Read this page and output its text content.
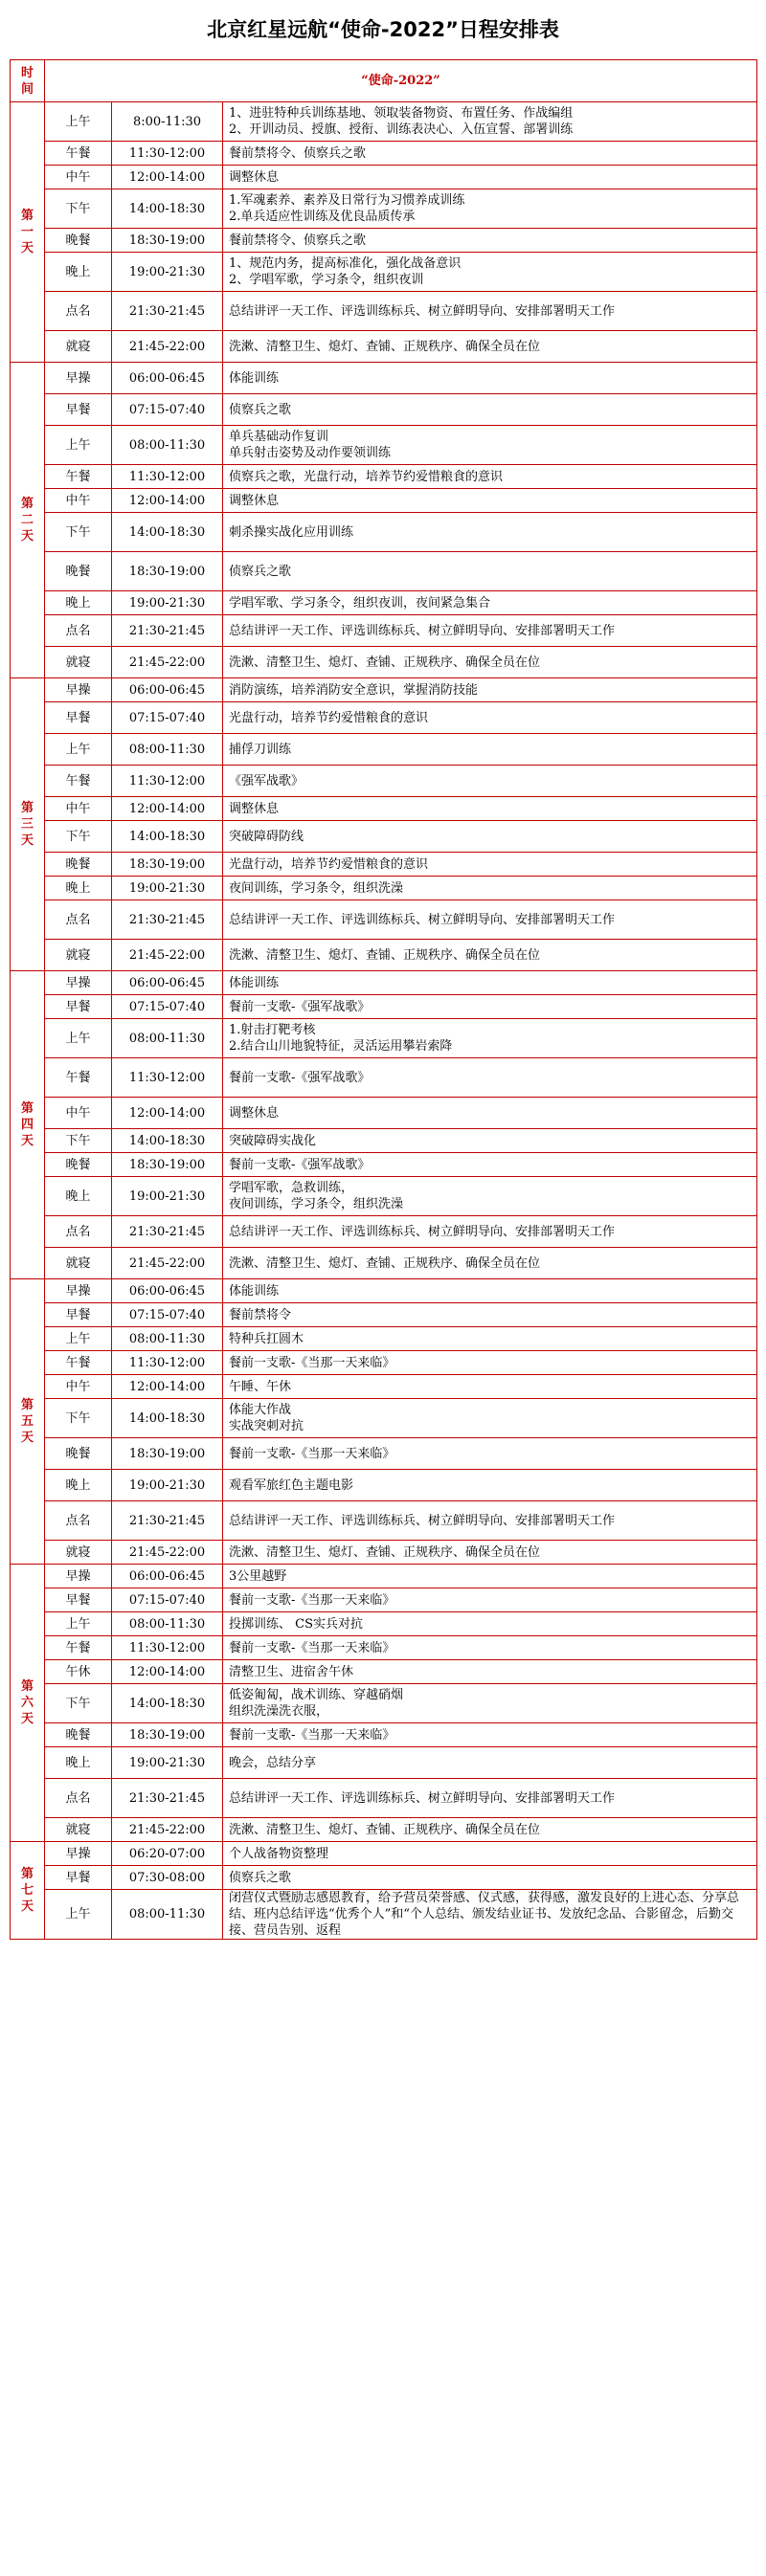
北京红星远航“使命-2022”日程安排表
时间	“使命-2022”		
第
一
天	上午	8:00-11:30	1、进驻特种兵训练基地、领取装备物资、布置任务、作战编组
2、开训动员、授旗、授衔、训练表决心、入伍宣誓、部署训练
	午餐	11:30-12:00	餐前禁将令、侦察兵之歌
	中午	12:00-14:00	调整休息
	下午	14:00-18:30	1.军魂素养、素养及日常行为习惯养成训练
2.单兵适应性训练及优良品质传承
	晚餐	18:30-19:00	餐前禁将令、侦察兵之歌
	晚上	19:00-21:30	1、规范内务，提高标准化，强化战备意识
2、学唱军歌，学习条令，组织夜训
	点名	21:30-21:45	总结讲评一天工作、评选训练标兵、树立鲜明导向、安排部署明天工作
	就寝	21:45-22:00	洗漱、清整卫生、熄灯、查铺、正规秩序、确保全员在位
第
二
天	早操	06:00-06:45	体能训练
	早餐	07:15-07:40	侦察兵之歌
	上午	08:00-11:30	单兵基础动作复训
单兵射击姿势及动作要领训练
	午餐	11:30-12:00	侦察兵之歌，光盘行动，培养节约爱惜粮食的意识
	中午	12:00-14:00	调整休息
	下午	14:00-18:30	刺杀操实战化应用训练
	晚餐	18:30-19:00	侦察兵之歌
	晚上	19:00-21:30	学唱军歌、学习条令，组织夜训，夜间紧急集合
	点名	21:30-21:45	总结讲评一天工作、评选训练标兵、树立鲜明导向、安排部署明天工作
	就寝	21:45-22:00	洗漱、清整卫生、熄灯、查铺、正规秩序、确保全员在位
第
三
天	早操	06:00-06:45	消防演练，培养消防安全意识，掌握消防技能
	早餐	07:15-07:40	光盘行动，培养节约爱惜粮食的意识
	上午	08:00-11:30	捕俘刀训练
	午餐	11:30-12:00	《强军战歌》
	中午	12:00-14:00	调整休息
	下午	14:00-18:30	突破障碍防线
	晚餐	18:30-19:00	光盘行动，培养节约爱惜粮食的意识
	晚上	19:00-21:30	夜间训练，学习条令，组织洗澡
	点名	21:30-21:45	总结讲评一天工作、评选训练标兵、树立鲜明导向、安排部署明天工作
	就寝	21:45-22:00	洗漱、清整卫生、熄灯、查铺、正规秩序、确保全员在位
第
四
天	早操	06:00-06:45	体能训练
	早餐	07:15-07:40	餐前一支歌-《强军战歌》
	上午	08:00-11:30	1.射击打靶考核
2.结合山川地貌特征，灵活运用攀岩索降
	午餐	11:30-12:00	餐前一支歌-《强军战歌》
	中午	12:00-14:00	调整休息
	下午	14:00-18:30	突破障碍实战化
	晚餐	18:30-19:00	餐前一支歌-《强军战歌》
	晚上	19:00-21:30	学唱军歌，急救训练，
夜间训练，学习条令，组织洗澡
	点名	21:30-21:45	总结讲评一天工作、评选训练标兵、树立鲜明导向、安排部署明天工作
	就寝	21:45-22:00	洗漱、清整卫生、熄灯、查铺、正规秩序、确保全员在位
第
五
天	早操	06:00-06:45	体能训练
	早餐	07:15-07:40	餐前禁将令
	上午	08:00-11:30	特种兵扛圆木
	午餐	11:30-12:00	餐前一支歌-《当那一天来临》
	中午	12:00-14:00	午睡、午休
	下午	14:00-18:30	体能大作战
实战突刺对抗
	晚餐	18:30-19:00	餐前一支歌-《当那一天来临》
	晚上	19:00-21:30	观看军旅红色主题电影
	点名	21:30-21:45	总结讲评一天工作、评选训练标兵、树立鲜明导向、安排部署明天工作
	就寝	21:45-22:00	洗漱、清整卫生、熄灯、查铺、正规秩序、确保全员在位
第
六
天	早操	06:00-06:45	3公里越野
	早餐	07:15-07:40	餐前一支歌-《当那一天来临》
	上午	08:00-11:30	投掷训练、 CS实兵对抗
	午餐	11:30-12:00	餐前一支歌-《当那一天来临》
	午休	12:00-14:00	清整卫生、进宿舍午休
	下午	14:00-18:30	低姿匍匐，战术训练、穿越硝烟
组织洗澡洗衣服，
	晚餐	18:30-19:00	餐前一支歌-《当那一天来临》
	晚上	19:00-21:30	晚会，总结分享
	点名	21:30-21:45	总结讲评一天工作、评选训练标兵、树立鲜明导向、安排部署明天工作
	就寝	21:45-22:00	洗漱、清整卫生、熄灯、查铺、正规秩序、确保全员在位
第
七
天	早操	06:20-07:00	个人战备物资整理
	早餐	07:30-08:00	侦察兵之歌
	上午	08:00-11:30	闭营仪式暨励志感恩教育，给予营员荣誉感、仪式感，获得感，激发良好的上进心态、分享总结、班内总结评选“优秀个人”和“个人总结、颁发结业证书、发放纪念品、合影留念，后勤交接、营员告别、返程
